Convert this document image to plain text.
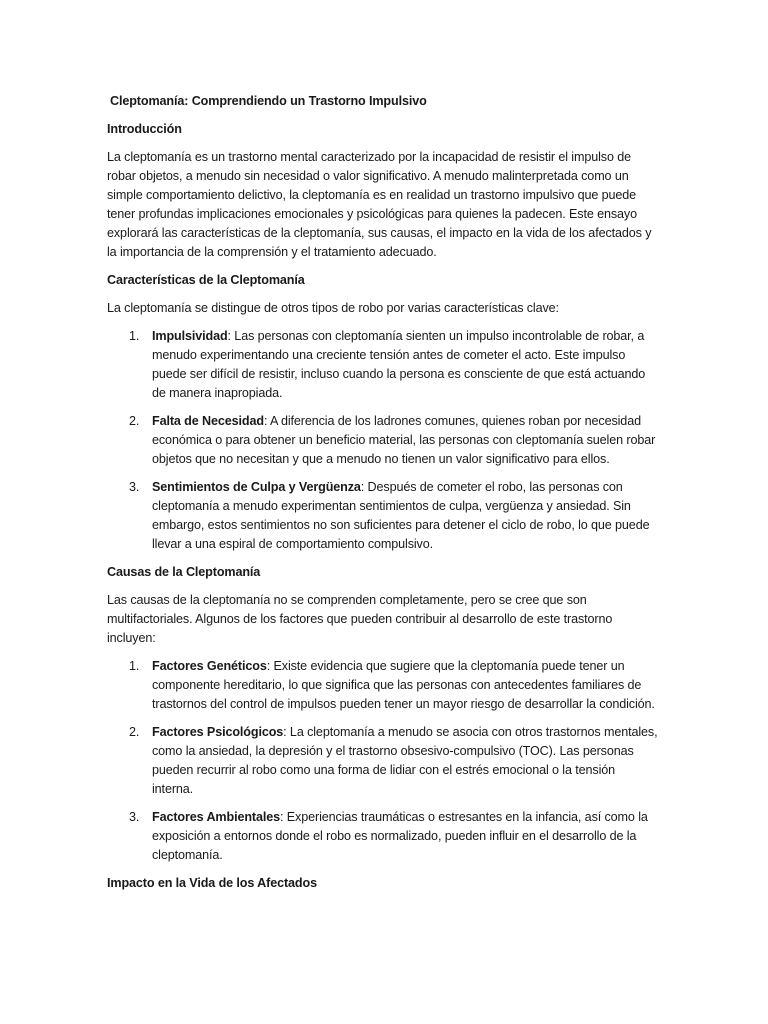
Cleptomanía: Comprendiendo un Trastorno Impulsivo
Introducción
La cleptomanía es un trastorno mental caracterizado por la incapacidad de resistir el impulso de robar objetos, a menudo sin necesidad o valor significativo. A menudo malinterpretada como un simple comportamiento delictivo, la cleptomanía es en realidad un trastorno impulsivo que puede tener profundas implicaciones emocionales y psicológicas para quienes la padecen. Este ensayo explorará las características de la cleptomanía, sus causas, el impacto en la vida de los afectados y la importancia de la comprensión y el tratamiento adecuado.
Características de la Cleptomanía
La cleptomanía se distingue de otros tipos de robo por varias características clave:
1. Impulsividad: Las personas con cleptomanía sienten un impulso incontrolable de robar, a menudo experimentando una creciente tensión antes de cometer el acto. Este impulso puede ser difícil de resistir, incluso cuando la persona es consciente de que está actuando de manera inapropiada.
2. Falta de Necesidad: A diferencia de los ladrones comunes, quienes roban por necesidad económica o para obtener un beneficio material, las personas con cleptomanía suelen robar objetos que no necesitan y que a menudo no tienen un valor significativo para ellos.
3. Sentimientos de Culpa y Vergüenza: Después de cometer el robo, las personas con cleptomanía a menudo experimentan sentimientos de culpa, vergüenza y ansiedad. Sin embargo, estos sentimientos no son suficientes para detener el ciclo de robo, lo que puede llevar a una espiral de comportamiento compulsivo.
Causas de la Cleptomanía
Las causas de la cleptomanía no se comprenden completamente, pero se cree que son multifactoriales. Algunos de los factores que pueden contribuir al desarrollo de este trastorno incluyen:
1. Factores Genéticos: Existe evidencia que sugiere que la cleptomanía puede tener un componente hereditario, lo que significa que las personas con antecedentes familiares de trastornos del control de impulsos pueden tener un mayor riesgo de desarrollar la condición.
2. Factores Psicológicos: La cleptomanía a menudo se asocia con otros trastornos mentales, como la ansiedad, la depresión y el trastorno obsesivo-compulsivo (TOC). Las personas pueden recurrir al robo como una forma de lidiar con el estrés emocional o la tensión interna.
3. Factores Ambientales: Experiencias traumáticas o estresantes en la infancia, así como la exposición a entornos donde el robo es normalizado, pueden influir en el desarrollo de la cleptomanía.
Impacto en la Vida de los Afectados
